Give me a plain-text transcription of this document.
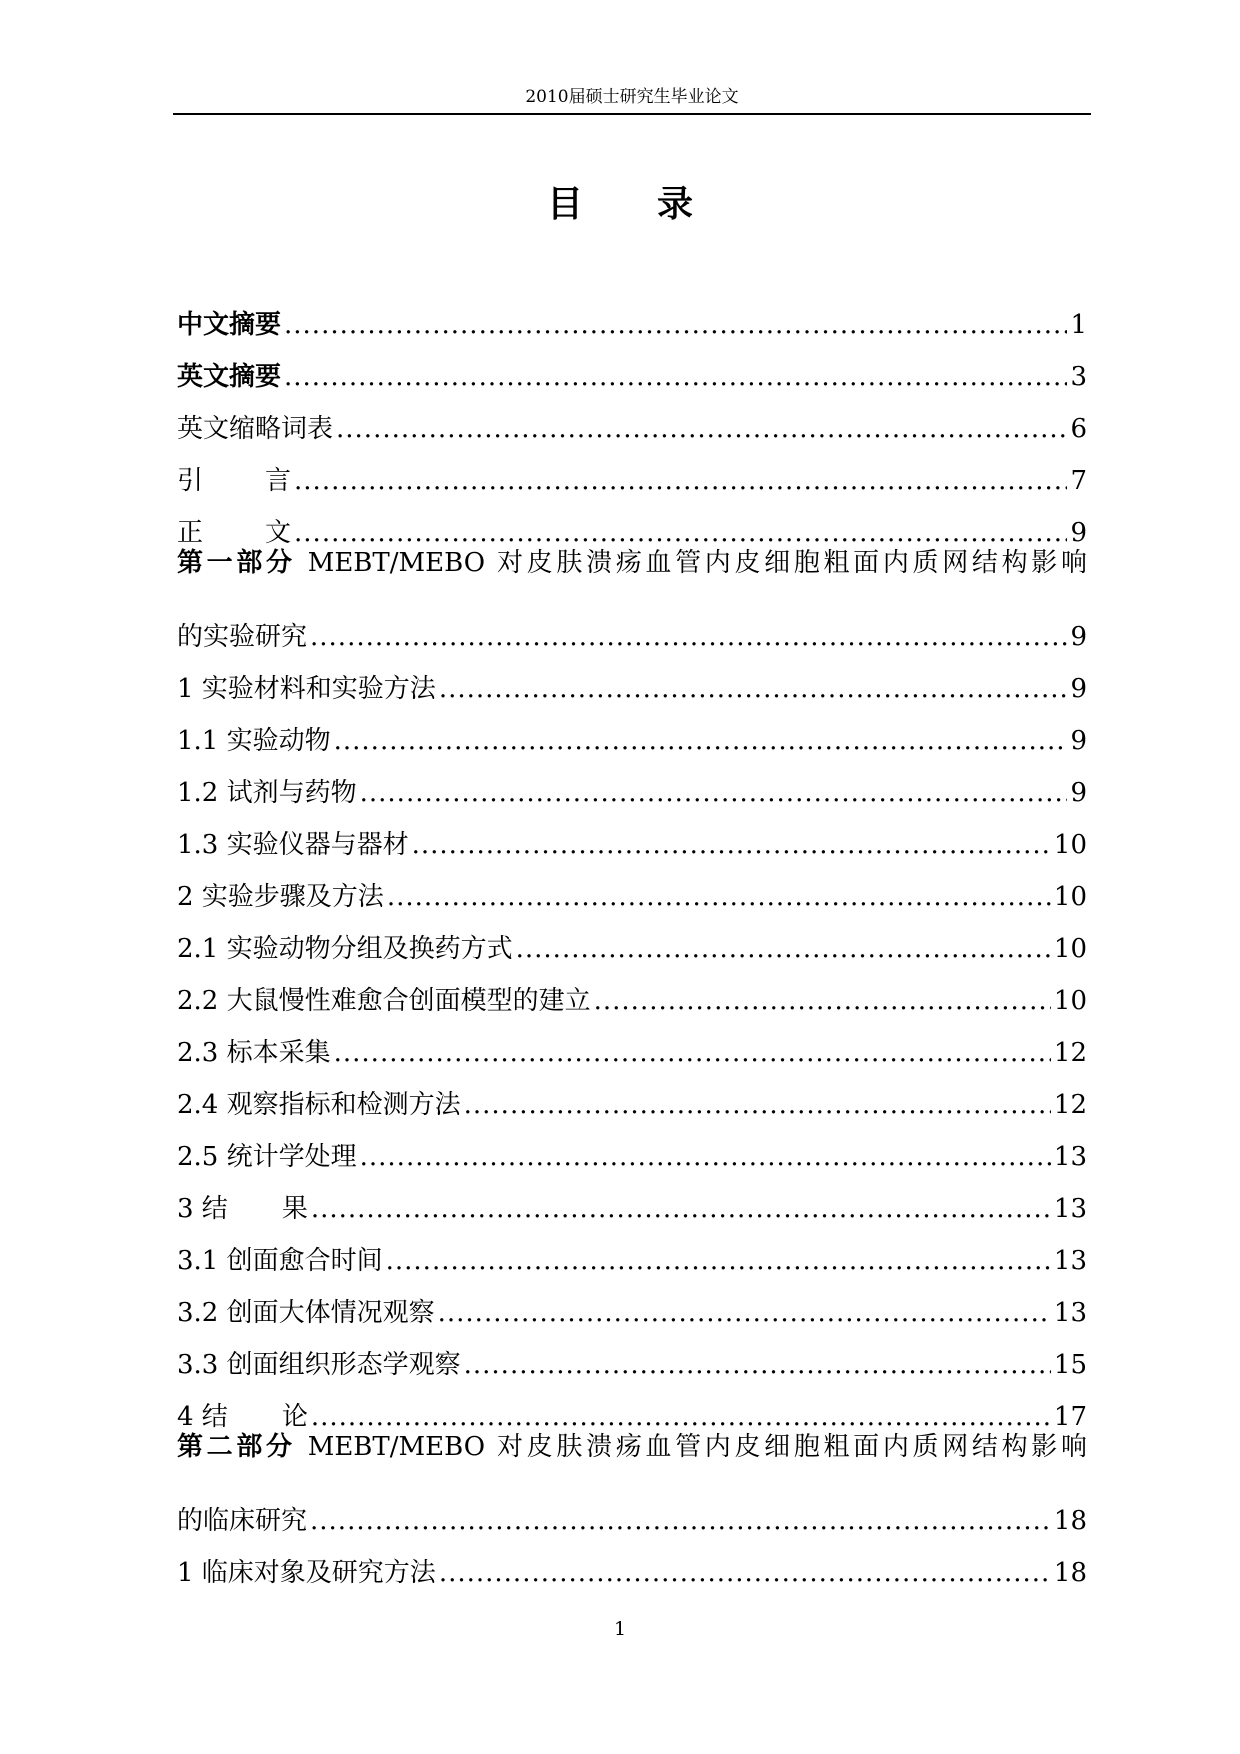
2010届硕士研究生毕业论文
目 录
中文摘要 .....	1
英文摘要 .....	3
英文缩略词表 .....	6
引 言 .....	7
正 文 .....	9
第一部分 MEBT/MEBO 对皮肤溃疡血管内皮细胞粗面内质网结构影响
的实验研究 .....	9
1 实验材料和实验方法 .....	9
1.1 实验动物 .....	9
1.2 试剂与药物 .....	9
1.3 实验仪器与器材 .....	10
2 实验步骤及方法 .....	10
2.1 实验动物分组及换药方式 .....	10
2.2 大鼠慢性难愈合创面模型的建立 .....	10
2.3 标本采集 .....	12
2.4 观察指标和检测方法 .....	12
2.5 统计学处理 .....	13
3 结 果 .....	13
3.1 创面愈合时间 .....	13
3.2 创面大体情况观察 .....	13
3.3 创面组织形态学观察 .....	15
4 结 论 .....	17
第二部分 MEBT/MEBO 对皮肤溃疡血管内皮细胞粗面内质网结构影响
的临床研究 .....	18
1 临床对象及研究方法 .....	18
1
